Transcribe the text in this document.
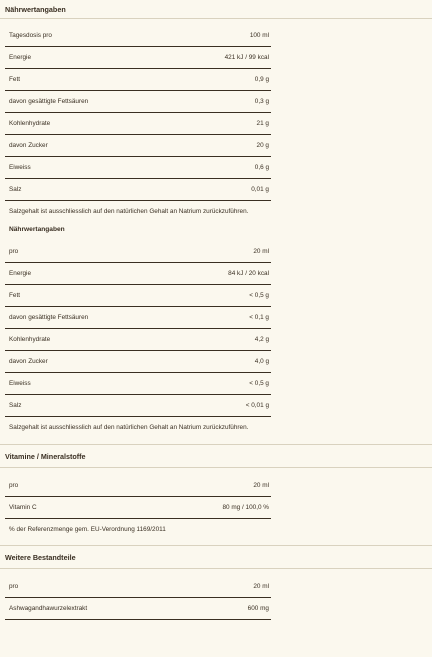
Nährwertangaben
Tagesdosis pro	100 ml
Energie	421 kJ / 99 kcal
Fett	0,9 g
davon gesättigte Fettsäuren	0,3 g
Kohlenhydrate	21 g
davon Zucker	20 g
Eiweiss	0,6 g
Salz	0,01 g
Salzgehalt ist ausschliesslich auf den natürlichen Gehalt an Natrium zurückzuführen.
Nährwertangaben
pro	20 ml
Energie	84 kJ / 20 kcal
Fett	< 0,5 g
davon gesättigte Fettsäuren	< 0,1 g
Kohlenhydrate	4,2 g
davon Zucker	4,0 g
Eiweiss	< 0,5 g
Salz	< 0,01 g
Salzgehalt ist ausschliesslich auf den natürlichen Gehalt an Natrium zurückzuführen.
Vitamine / Mineralstoffe
pro	20 ml
Vitamin C	80 mg / 100,0 %
% der Referenzmenge gem. EU-Verordnung 1169/2011
Weitere Bestandteile
pro	20 ml
Ashwagandhawurzelextrakt	600 mg
